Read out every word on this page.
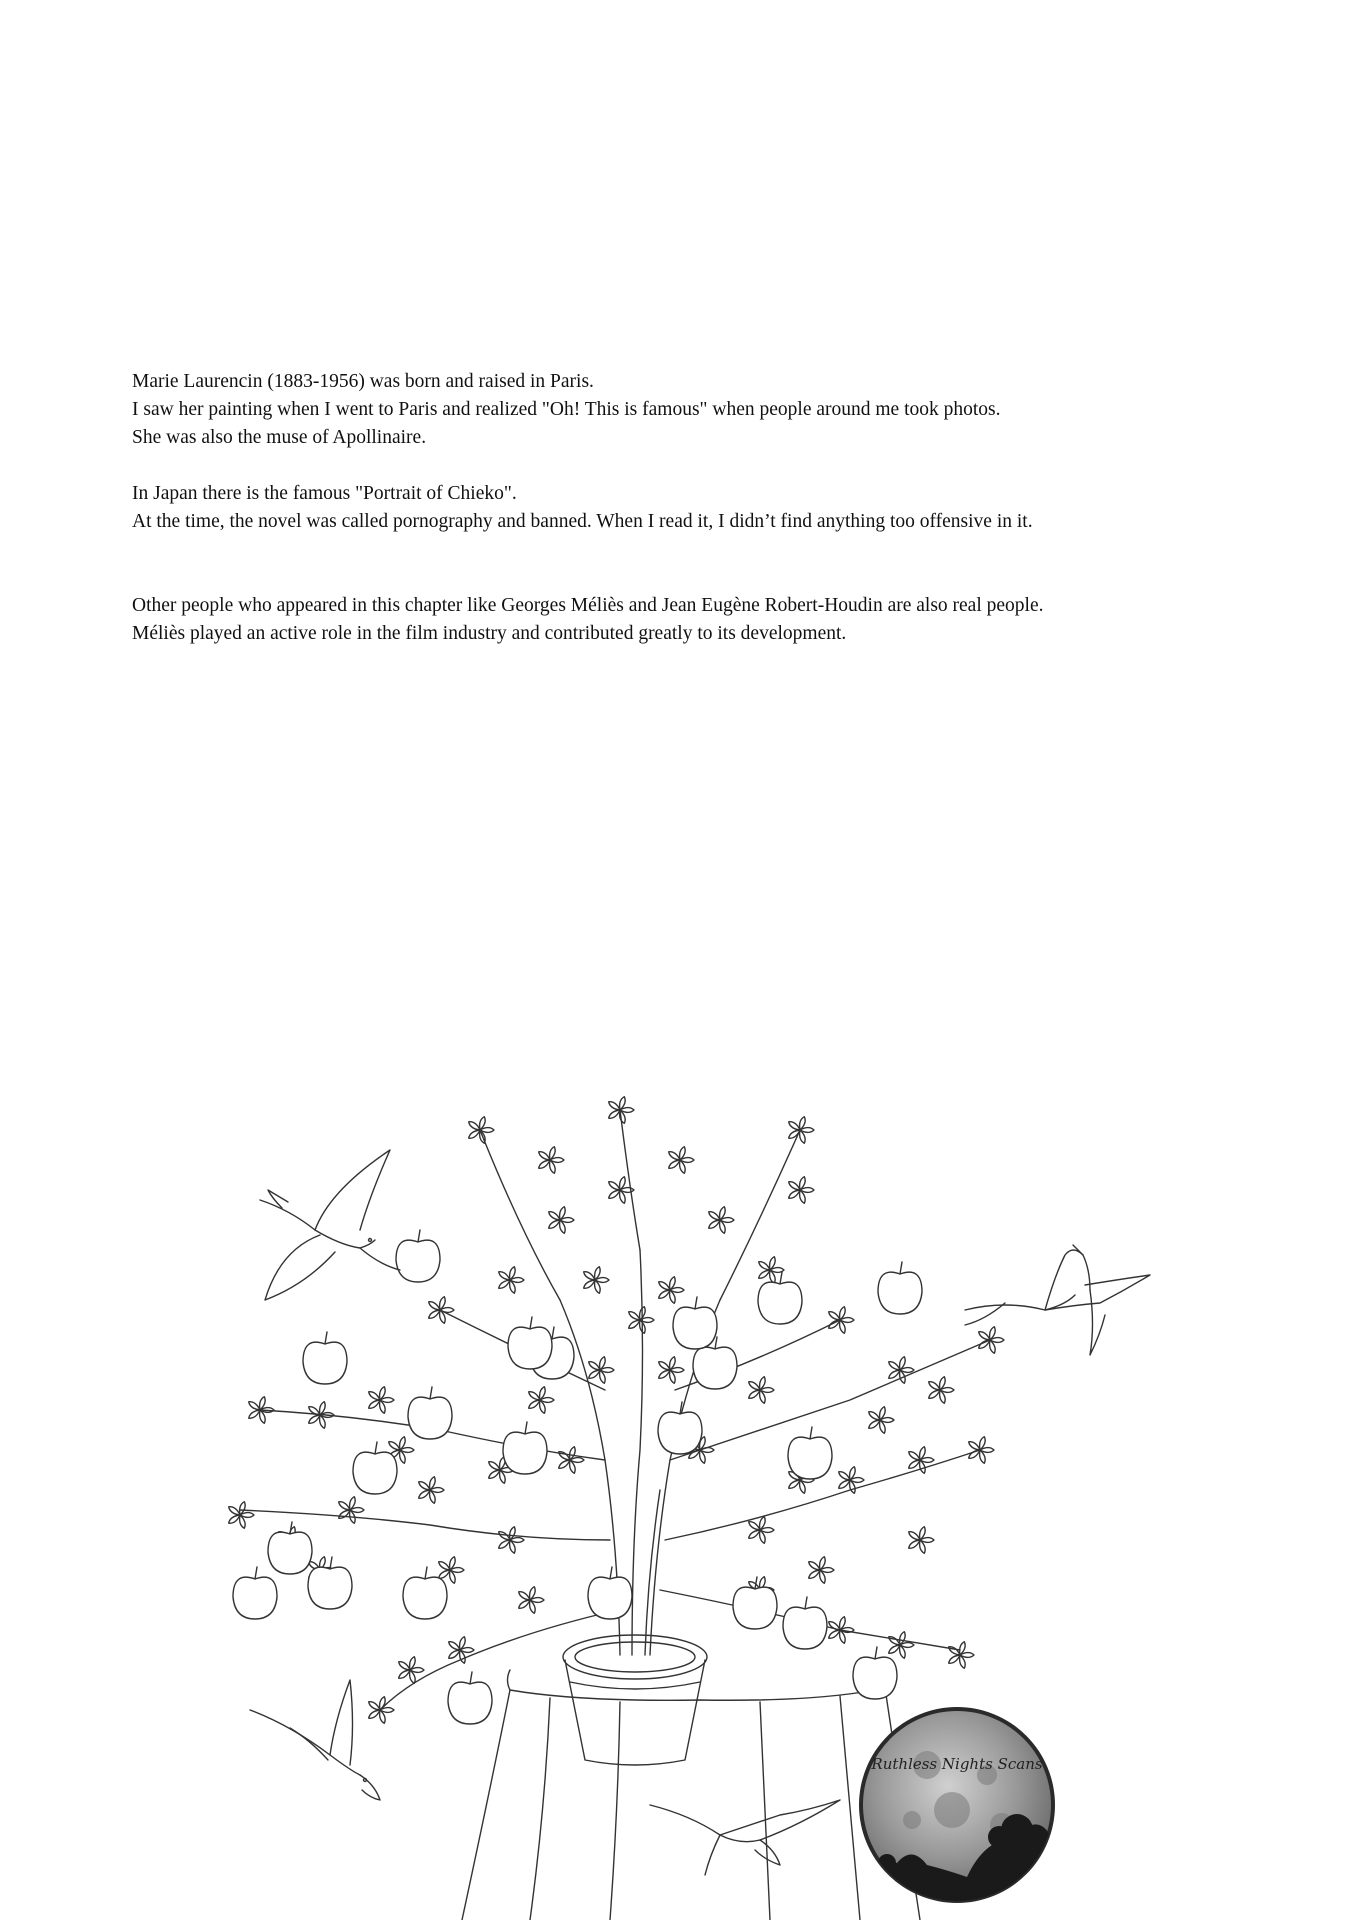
Marie Laurencin (1883-1956) was born and raised in Paris.

I saw her painting when I went to Paris and realized "Oh! This is famous" when people around me took photos.

She was also the muse of Apollinaire.

In Japan there is the famous "Portrait of Chieko".

At the time, the novel was called pornography and banned. When I read it, I didn’t find anything too offensive in it.

Other people who appeared in this chapter like Georges Méliès and Jean Eugène Robert-Houdin are also real people.

Méliès played an active role in the film industry and contributed greatly to its development.

Ruthless Nights Scans
